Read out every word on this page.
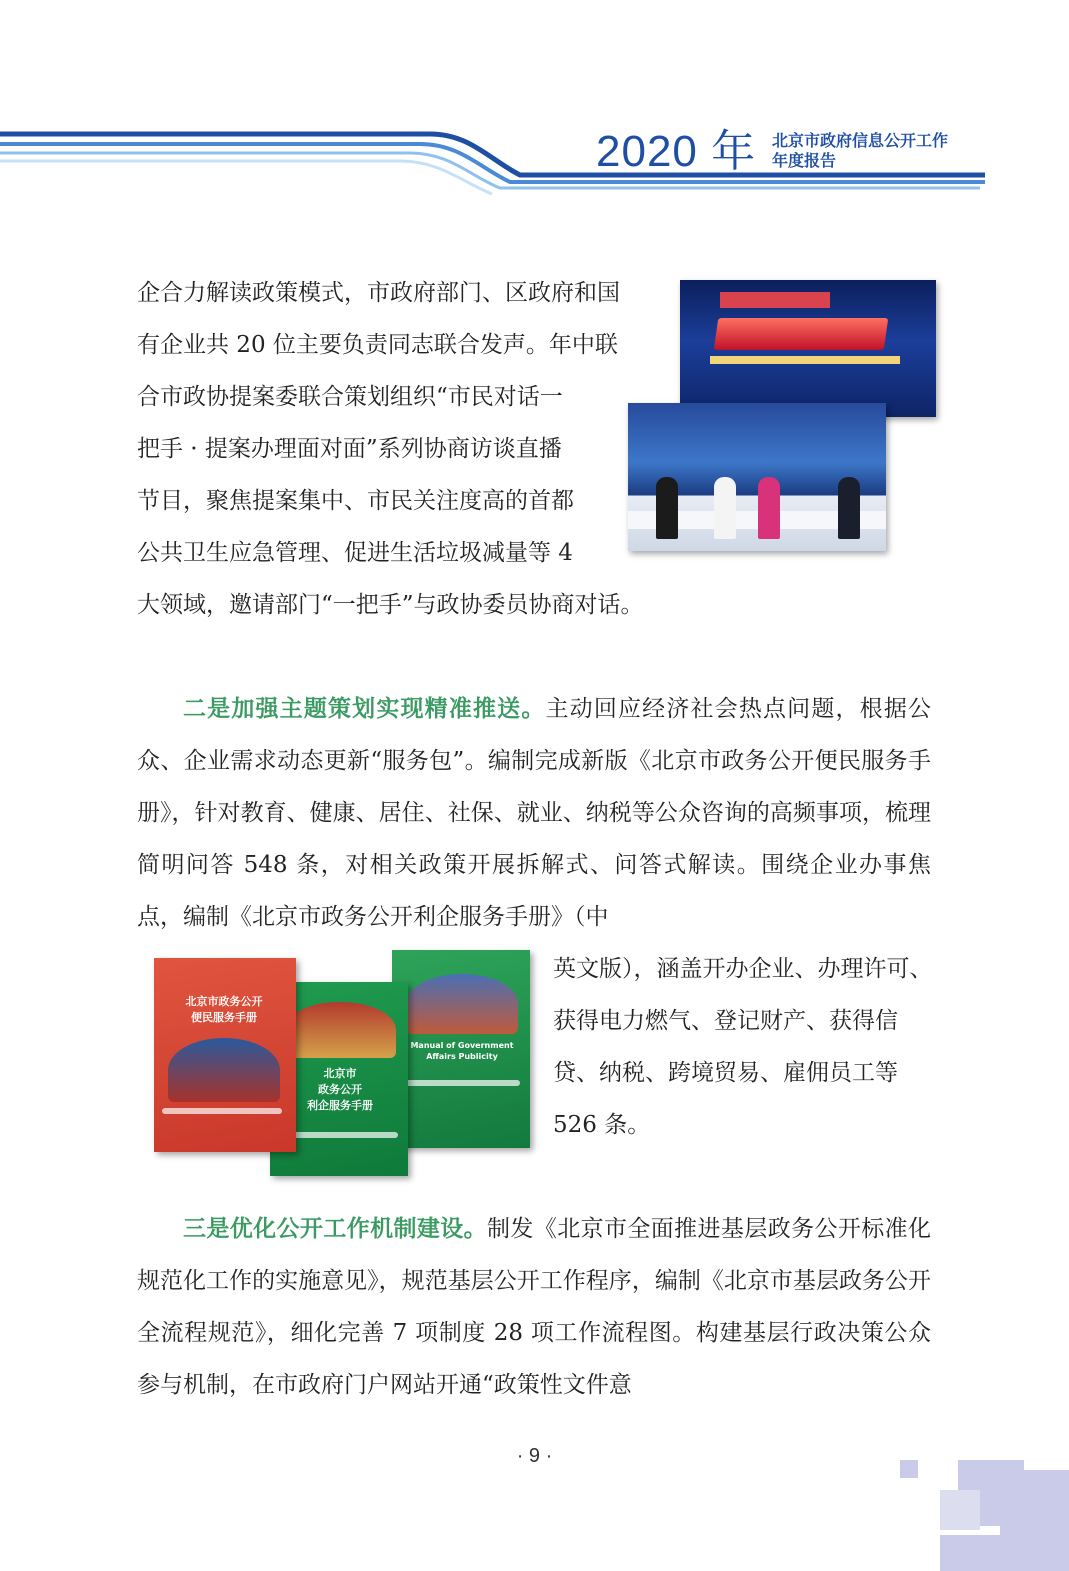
2020 年 北京市政府信息公开工作
年度报告
企合力解读政策模式，市政府部门、区政府和国
有企业共 20 位主要负责同志联合发声。年中联
合市政协提案委联合策划组织“市民对话一
把手 · 提案办理面对面”系列协商访谈直播
节目，聚焦提案集中、市民关注度高的首都
公共卫生应急管理、促进生活垃圾减量等 4
大领域，邀请部门“一把手”与政协委员协商对话。
二是加强主题策划实现精准推送。主动回应经济社会热点问题，根据公众、企业需求动态更新“服务包”。编制完成新版《北京市政务公开便民服务手册》，针对教育、健康、居住、社保、就业、纳税等公众咨询的高频事项，梳理简明问答 548 条，对相关政策开展拆解式、问答式解读。围绕企业办事焦点，编制《北京市政务公开利企服务手册》（中
北京市政务公开
便民服务手册
北京市
政务公开
利企服务手册
Manual of Government
Affairs Publicity
英文版），涵盖开办企业、办理许可、
获得电力燃气、登记财产、获得信
贷、纳税、跨境贸易、雇佣员工等
526 条。
三是优化公开工作机制建设。制发《北京市全面推进基层政务公开标准化规范化工作的实施意见》，规范基层公开工作程序，编制《北京市基层政务公开全流程规范》，细化完善 7 项制度 28 项工作流程图。构建基层行政决策公众参与机制，在市政府门户网站开通“政策性文件意
· 9 ·
